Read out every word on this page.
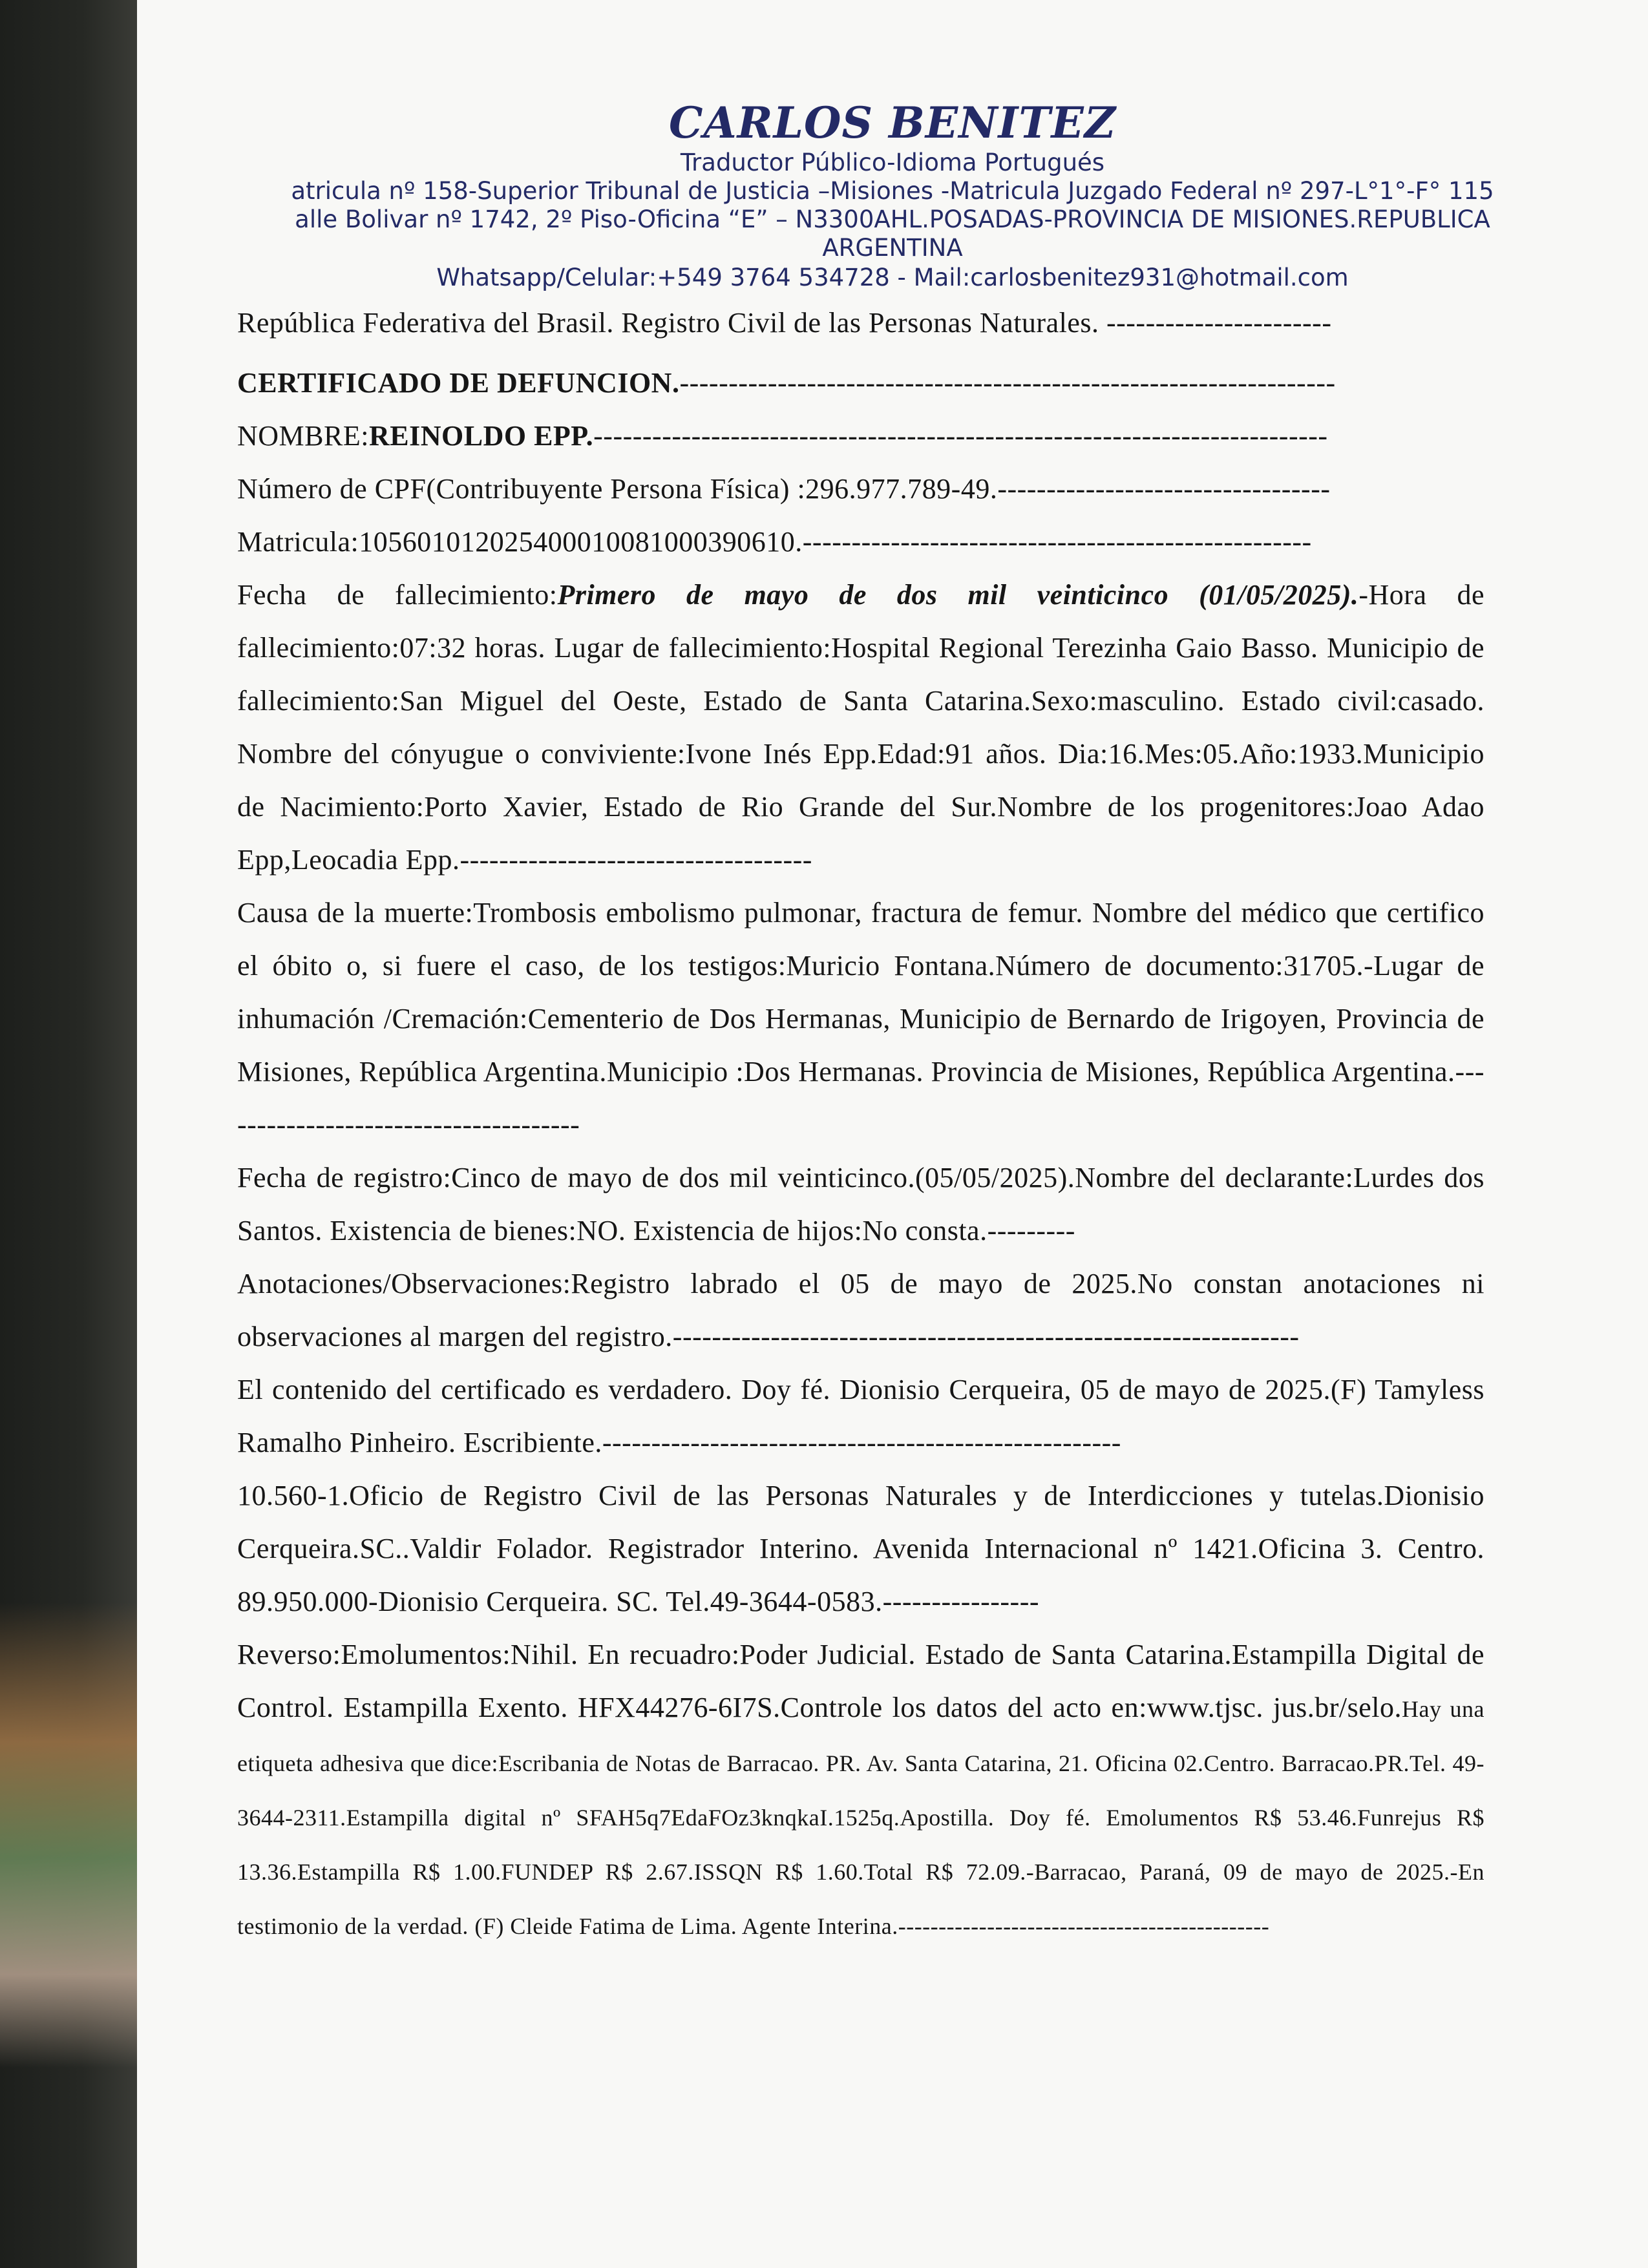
CARLOS BENITEZ
Traductor Público-Idioma Portugués
atricula nº 158-Superior Tribunal de Justicia –Misiones -Matricula Juzgado Federal nº 297-L°1°-F° 115
alle Bolivar nº 1742, 2º Piso-Oficina “E” – N3300AHL.POSADAS-PROVINCIA DE MISIONES.REPUBLICA
ARGENTINA
Whatsapp/Celular:+549 3764 534728 - Mail:carlosbenitez931@hotmail.com

República Federativa del Brasil. Registro Civil de las Personas Naturales. -----------------------

CERTIFICADO DE DEFUNCION.-------------------------------------------------------------------

NOMBRE:REINOLDO EPP.---------------------------------------------------------------------------

Número de CPF(Contribuyente Persona Física) :296.977.789-49.----------------------------------

Matricula:105601012025400010081000390610.----------------------------------------------------

Fecha de fallecimiento:Primero de mayo de dos mil veinticinco (01/05/2025).-Hora de fallecimiento:07:32 horas. Lugar de fallecimiento:Hospital Regional Terezinha Gaio Basso. Municipio de fallecimiento:San Miguel del Oeste, Estado de Santa Catarina.Sexo:masculino. Estado civil:casado. Nombre del cónyugue o conviviente:Ivone Inés Epp.Edad:91 años. Dia:16.Mes:05.Año:1933.Municipio de Nacimiento:Porto Xavier, Estado de Rio Grande del Sur.Nombre de los progenitores:Joao Adao Epp,Leocadia Epp.------------------------------------

Causa de la muerte:Trombosis embolismo pulmonar, fractura de femur. Nombre del médico que certifico el óbito o, si fuere el caso, de los testigos:Muricio Fontana.Número de documento:31705.-Lugar de inhumación /Cremación:Cementerio de Dos Hermanas, Municipio de Bernardo de Irigoyen, Provincia de Misiones, República Argentina.Municipio :Dos Hermanas. Provincia de Misiones, República Argentina.--------------------------------------

Fecha de registro:Cinco de mayo de dos mil veinticinco.(05/05/2025).Nombre del declarante:Lurdes dos Santos. Existencia de bienes:NO. Existencia de hijos:No consta.---------

Anotaciones/Observaciones:Registro labrado el 05 de mayo de 2025.No constan anotaciones ni observaciones al margen del registro.----------------------------------------------------------------

El contenido del certificado es verdadero. Doy fé. Dionisio Cerqueira, 05 de mayo de 2025.(F) Tamyless Ramalho Pinheiro. Escribiente.-----------------------------------------------------

10.560-1.Oficio de Registro Civil de las Personas Naturales y de Interdicciones y tutelas.Dionisio Cerqueira.SC..Valdir Folador. Registrador Interino. Avenida Internacional nº 1421.Oficina 3. Centro. 89.950.000-Dionisio Cerqueira. SC. Tel.49-3644-0583.----------------

Reverso:Emolumentos:Nihil. En recuadro:Poder Judicial. Estado de Santa Catarina.Estampilla Digital de Control. Estampilla Exento. HFX44276-6I7S.Controle los datos del acto en:www.tjsc. jus.br/selo.Hay una etiqueta adhesiva que dice:Escribania de Notas de Barracao. PR. Av. Santa Catarina, 21. Oficina 02.Centro. Barracao.PR.Tel. 49-3644-2311.Estampilla digital nº SFAH5q7EdaFOz3knqkaI.1525q.Apostilla. Doy fé. Emolumentos R$ 53.46.Funrejus R$ 13.36.Estampilla R$ 1.00.FUNDEP R$ 2.67.ISSQN R$ 1.60.Total R$ 72.09.-Barracao, Paraná, 09 de mayo de 2025.-En testimonio de la verdad. (F) Cleide Fatima de Lima. Agente Interina.----------------------------------------------
